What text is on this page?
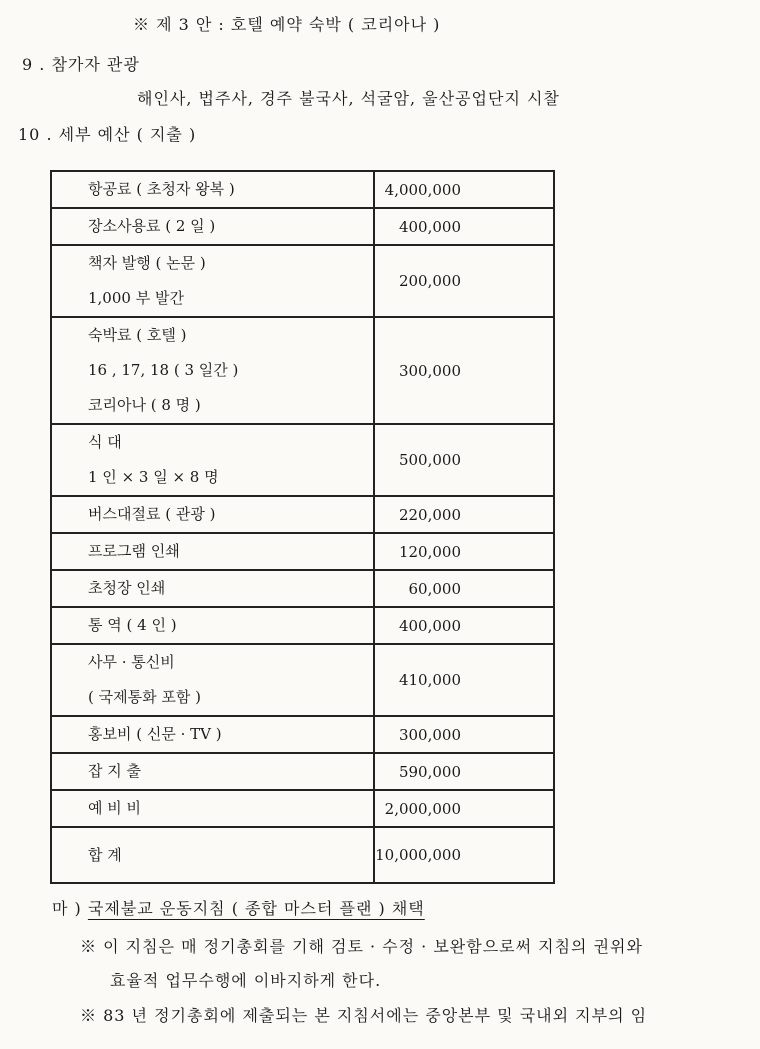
※ 제 3 안 : 호텔 예약 숙박 ( 코리아나 )
9 . 참가자 관광
해인사, 법주사, 경주 불국사, 석굴암, 울산공업단지 시찰
10 . 세부 예산 ( 지출 )
항공료 ( 초청자 왕복 )	4,000,000

장소사용료 ( 2 일 )	400,000

책자 발행 ( 논문 )
1,000 부 발간	200,000

숙박료 ( 호텔 )
16 , 17, 18 ( 3 일간 )
코리아나 ( 8 명 )	300,000

식 대
1 인 × 3 일 × 8 명	500,000

버스대절료 ( 관광 )	220,000

프로그램 인쇄	120,000

초청장 인쇄	60,000

통 역 ( 4 인 )	400,000

사무 · 통신비
( 국제통화 포함 )	410,000

홍보비 ( 신문 · TV )	300,000

잡 지 출	590,000

예 비 비	2,000,000

합 계	10,000,000
마 ) 국제불교 운동지침 ( 종합 마스터 플랜 ) 채택
※ 이 지침은 매 정기총회를 기해 검토 · 수정 · 보완함으로써 지침의 권위와
효율적 업무수행에 이바지하게 한다.
※ 83 년 정기총회에 제출되는 본 지침서에는 중앙본부 및 국내외 지부의 임
